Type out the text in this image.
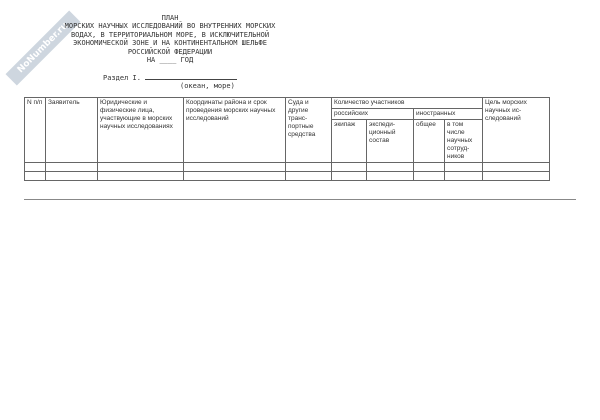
NoNumber.ru
ПЛАН
МОРСКИХ НАУЧНЫХ ИССЛЕДОВАНИЙ ВО ВНУТРЕННИХ МОРСКИХ
ВОДАХ, В ТЕРРИТОРИАЛЬНОМ МОРЕ, В ИСКЛЮЧИТЕЛЬНОЙ
ЭКОНОМИЧЕСКОЙ ЗОНЕ И НА КОНТИНЕНТАЛЬНОМ ШЕЛЬФЕ
РОССИЙСКОЙ ФЕДЕРАЦИИ
НА ____ ГОД
Раздел I.
(океан, море)
N п/п	Заявитель	Юридические и физические лица, участвующие в морских научных исследованиях	Координаты района и срок проведения морских научных исследований	Суда и другие транс- портные средства	Количество участников				Цель морских научных ис- следований
					российских		иностранных		
					экипаж	экспеди- ционный состав	общее	в том числе научных сотруд- ников	
